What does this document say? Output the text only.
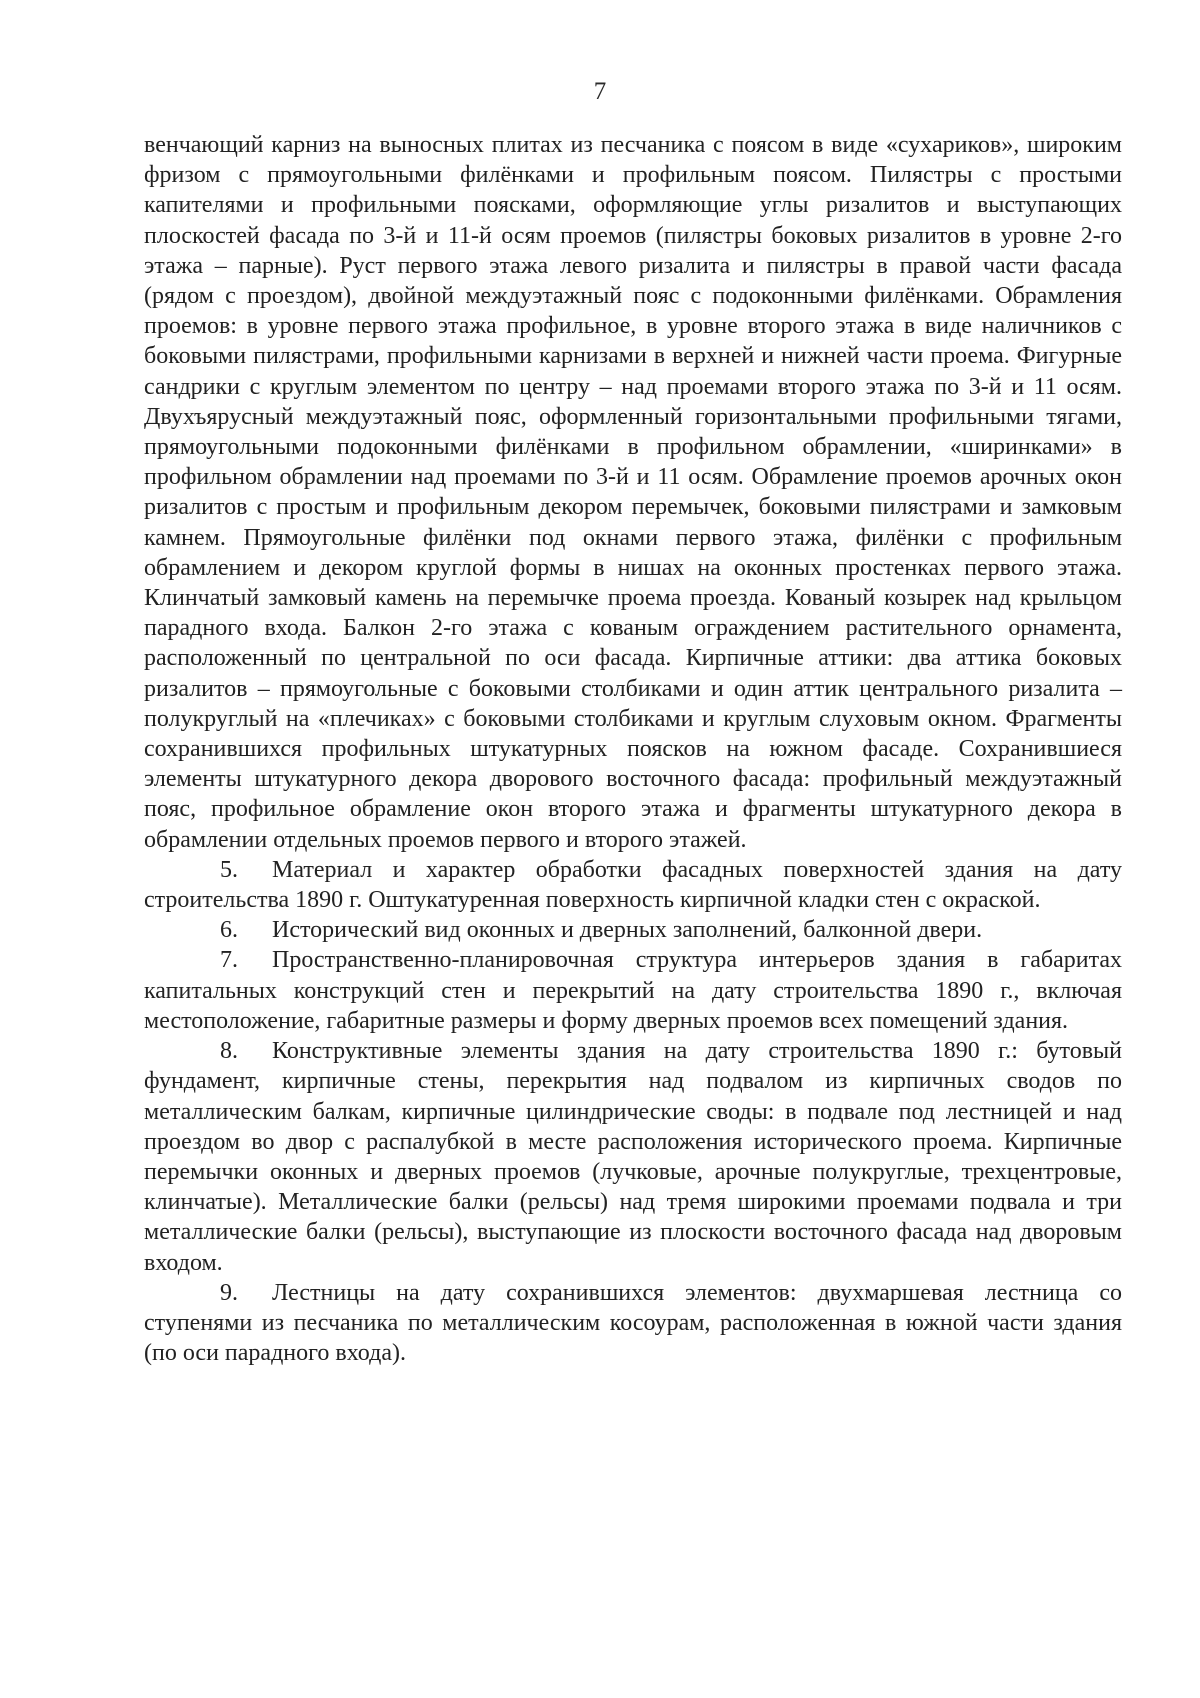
7

венчающий карниз на выносных плитах из песчаника с поясом в виде «сухариков», широким фризом с прямоугольными филёнками и профильным поясом. Пилястры с простыми капителями и профильными поясками, оформляющие углы ризалитов и выступающих плоскостей фасада по 3-й и 11-й осям проемов (пилястры боковых ризалитов в уровне 2-го этажа – парные). Руст первого этажа левого ризалита и пилястры в правой части фасада (рядом с проездом), двойной междуэтажный пояс с подоконными филёнками. Обрамления проемов: в уровне первого этажа профильное, в уровне второго этажа в виде наличников с боковыми пилястрами, профильными карнизами в верхней и нижней части проема. Фигурные сандрики с круглым элементом по центру – над проемами второго этажа по 3-й и 11 осям. Двухъярусный междуэтажный пояс, оформленный горизонтальными профильными тягами, прямоугольными подоконными филёнками в профильном обрамлении, «ширинками» в профильном обрамлении над проемами по 3-й и 11 осям. Обрамление проемов арочных окон ризалитов с простым и профильным декором перемычек, боковыми пилястрами и замковым камнем. Прямоугольные филёнки под окнами первого этажа, филёнки с профильным обрамлением и декором круглой формы в нишах на оконных простенках первого этажа. Клинчатый замковый камень на перемычке проема проезда. Кованый козырек над крыльцом парадного входа. Балкон 2-го этажа с кованым ограждением растительного орнамента, расположенный по центральной по оси фасада. Кирпичные аттики: два аттика боковых ризалитов – прямоугольные с боковыми столбиками и один аттик центрального ризалита – полукруглый на «плечиках» с боковыми столбиками и круглым слуховым окном. Фрагменты сохранившихся профильных штукатурных поясков на южном фасаде. Сохранившиеся элементы штукатурного декора дворового восточного фасада: профильный междуэтажный пояс, профильное обрамление окон второго этажа и фрагменты штукатурного декора в обрамлении отдельных проемов первого и второго этажей.

5. Материал и характер обработки фасадных поверхностей здания на дату строительства 1890 г. Оштукатуренная поверхность кирпичной кладки стен с окраской.

6. Исторический вид оконных и дверных заполнений, балконной двери.

7. Пространственно-планировочная структура интерьеров здания в габаритах капитальных конструкций стен и перекрытий на дату строительства 1890 г., включая местоположение, габаритные размеры и форму дверных проемов всех помещений здания.

8. Конструктивные элементы здания на дату строительства 1890 г.: бутовый фундамент, кирпичные стены, перекрытия над подвалом из кирпичных сводов по металлическим балкам, кирпичные цилиндрические своды: в подвале под лестницей и над проездом во двор с распалубкой в месте расположения исторического проема. Кирпичные перемычки оконных и дверных проемов (лучковые, арочные полукруглые, трехцентровые, клинчатые). Металлические балки (рельсы) над тремя широкими проемами подвала и три металлические балки (рельсы), выступающие из плоскости восточного фасада над дворовым входом.

9. Лестницы на дату сохранившихся элементов: двухмаршевая лестница со ступенями из песчаника по металлическим косоурам, расположенная в южной части здания (по оси парадного входа).
